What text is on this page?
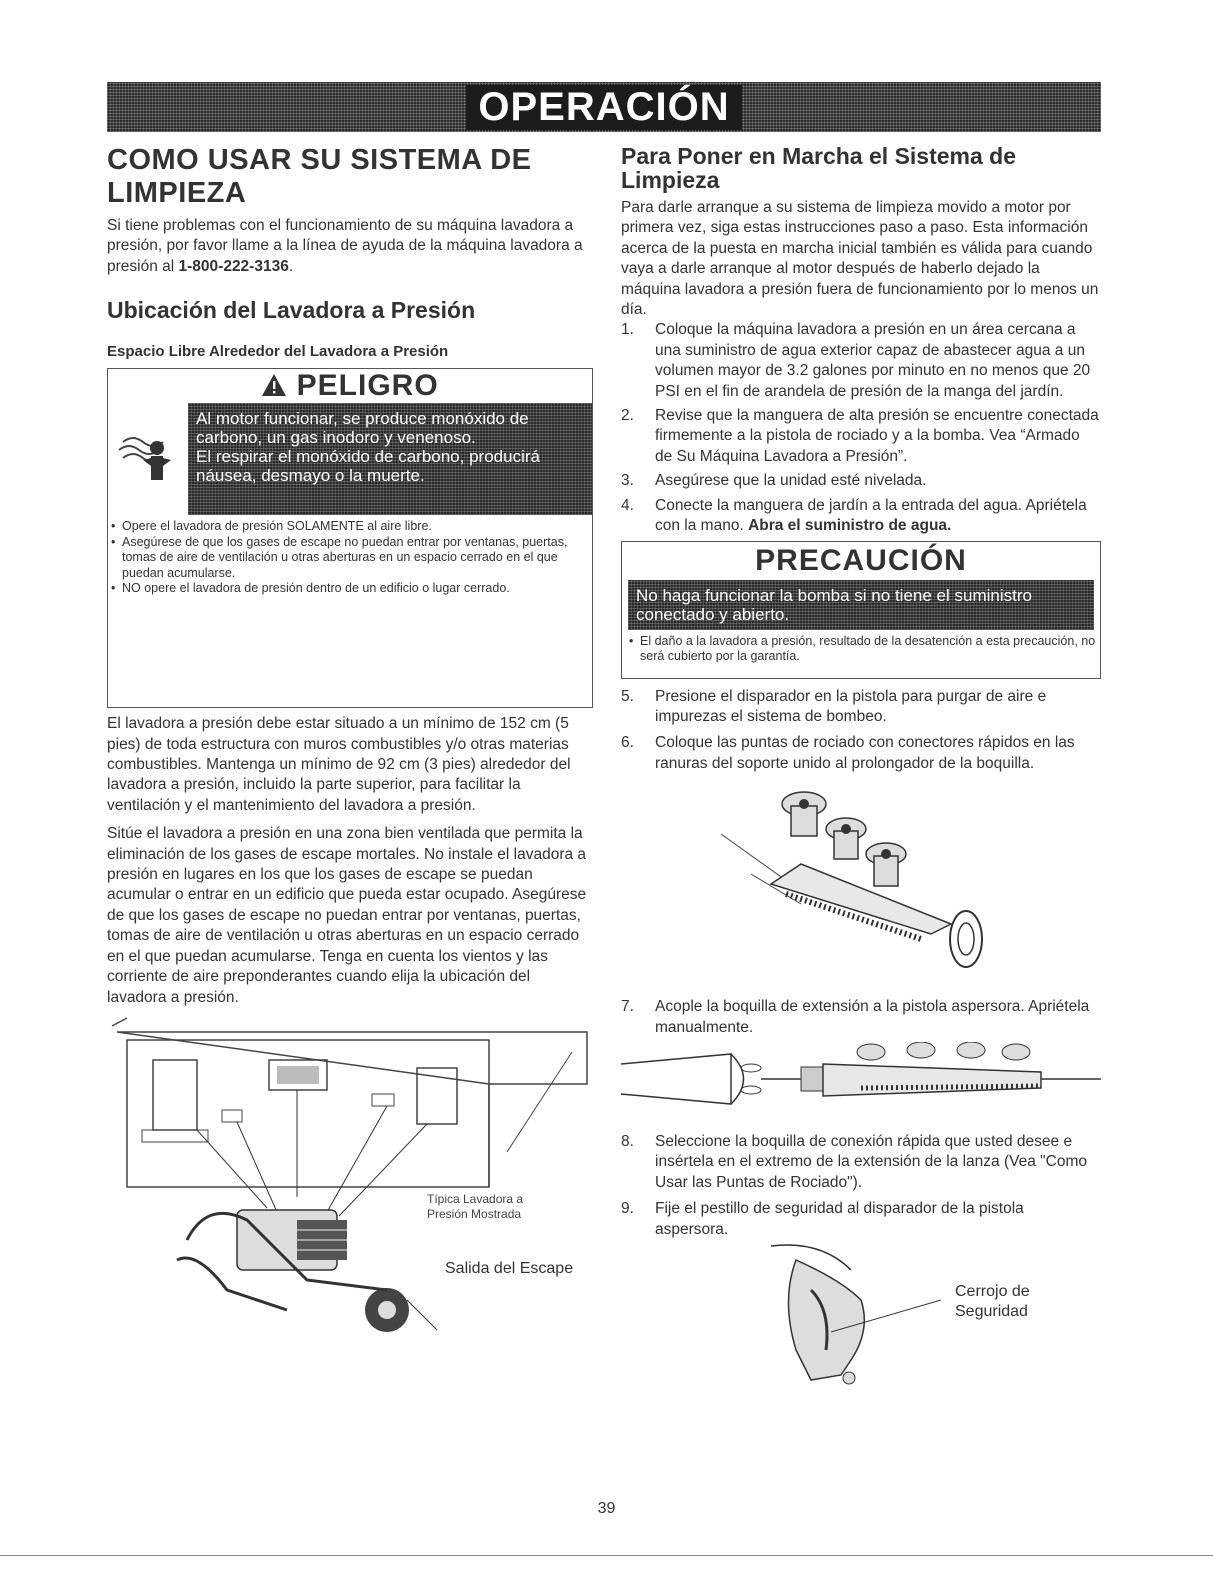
OPERACIÓN
COMO USAR SU SISTEMA DE
LIMPIEZA

Si tiene problemas con el funcionamiento de su máquina lavadora a presión, por favor llame a la línea de ayuda de la máquina lavadora a presión al 1-800-222-3136.

Ubicación del Lavadora a Presión
Espacio Libre Alrededor del Lavadora a Presión
PELIGRO

Al motor funcionar, se produce monóxido de carbono, un gas inodoro y venenoso.

El respirar el monóxido de carbono, producirá náusea, desmayo o la muerte.

• Opere el lavadora de presión SOLAMENTE al aire libre.
• Asegúrese de que los gases de escape no puedan entrar por ventanas, puertas, tomas de aire de ventilación u otras aberturas en un espacio cerrado en el que puedan acumularse.
• NO opere el lavadora de presión dentro de un edificio o lugar cerrado.

El lavadora a presión debe estar situado a un mínimo de 152 cm (5 pies) de toda estructura con muros combustibles y/o otras materias combustibles. Mantenga un mínimo de 92 cm (3 pies) alrededor del lavadora a presión, incluido la parte superior, para facilitar la ventilación y el mantenimiento del lavadora a presión.

Sitúe el lavadora a presión en una zona bien ventilada que permita la eliminación de los gases de escape mortales. No instale el lavadora a presión en lugares en los que los gases de escape se puedan acumular o entrar en un edificio que pueda estar ocupado. Asegúrese de que los gases de escape no puedan entrar por ventanas, puertas, tomas de aire de ventilación u otras aberturas en un espacio cerrado en el que puedan acumularse. Tenga en cuenta los vientos y las corriente de aire preponderantes cuando elija la ubicación del lavadora a presión.

Típica Lavadora a
Presión Mostrada
Salida del Escape
Para Poner en Marcha el Sistema de
Limpieza

Para darle arranque a su sistema de limpieza movido a motor por primera vez, siga estas instrucciones paso a paso. Esta información acerca de la puesta en marcha inicial también es válida para cuando vaya a darle arranque al motor después de haberlo dejado la máquina lavadora a presión fuera de funcionamiento por lo menos un día.

1. Coloque la máquina lavadora a presión en un área cercana a una suministro de agua exterior capaz de abastecer agua a un volumen mayor de 3.2 galones por minuto en no menos que 20 PSI en el fin de arandela de presión de la manga del jardín.
2. Revise que la manguera de alta presión se encuentre conectada firmemente a la pistola de rociado y a la bomba. Vea “Armado de Su Máquina Lavadora a Presión”.
3. Asegúrese que la unidad esté nivelada.
4. Conecte la manguera de jardín a la entrada del agua. Apriétela con la mano. Abra el suministro de agua.
PRECAUCIÓN

No haga funcionar la bomba si no tiene el suministro conectado y abierto.

• El daño a la lavadora a presión, resultado de la desatención a esta precaución, no será cubierto por la garantía.
5. Presione el disparador en la pistola para purgar de aire e impurezas el sistema de bombeo.
6. Coloque las puntas de rociado con conectores rápidos en las ranuras del soporte unido al prolongador de la boquilla.
7. Acople la boquilla de extensión a la pistola aspersora. Apriétela manualmente.
8. Seleccione la boquilla de conexión rápida que usted desee e insértela en el extremo de la extensión de la lanza (Vea "Como Usar las Puntas de Rociado").
9. Fije el pestillo de seguridad al disparador de la pistola aspersora.
Cerrojo de
Seguridad
39
